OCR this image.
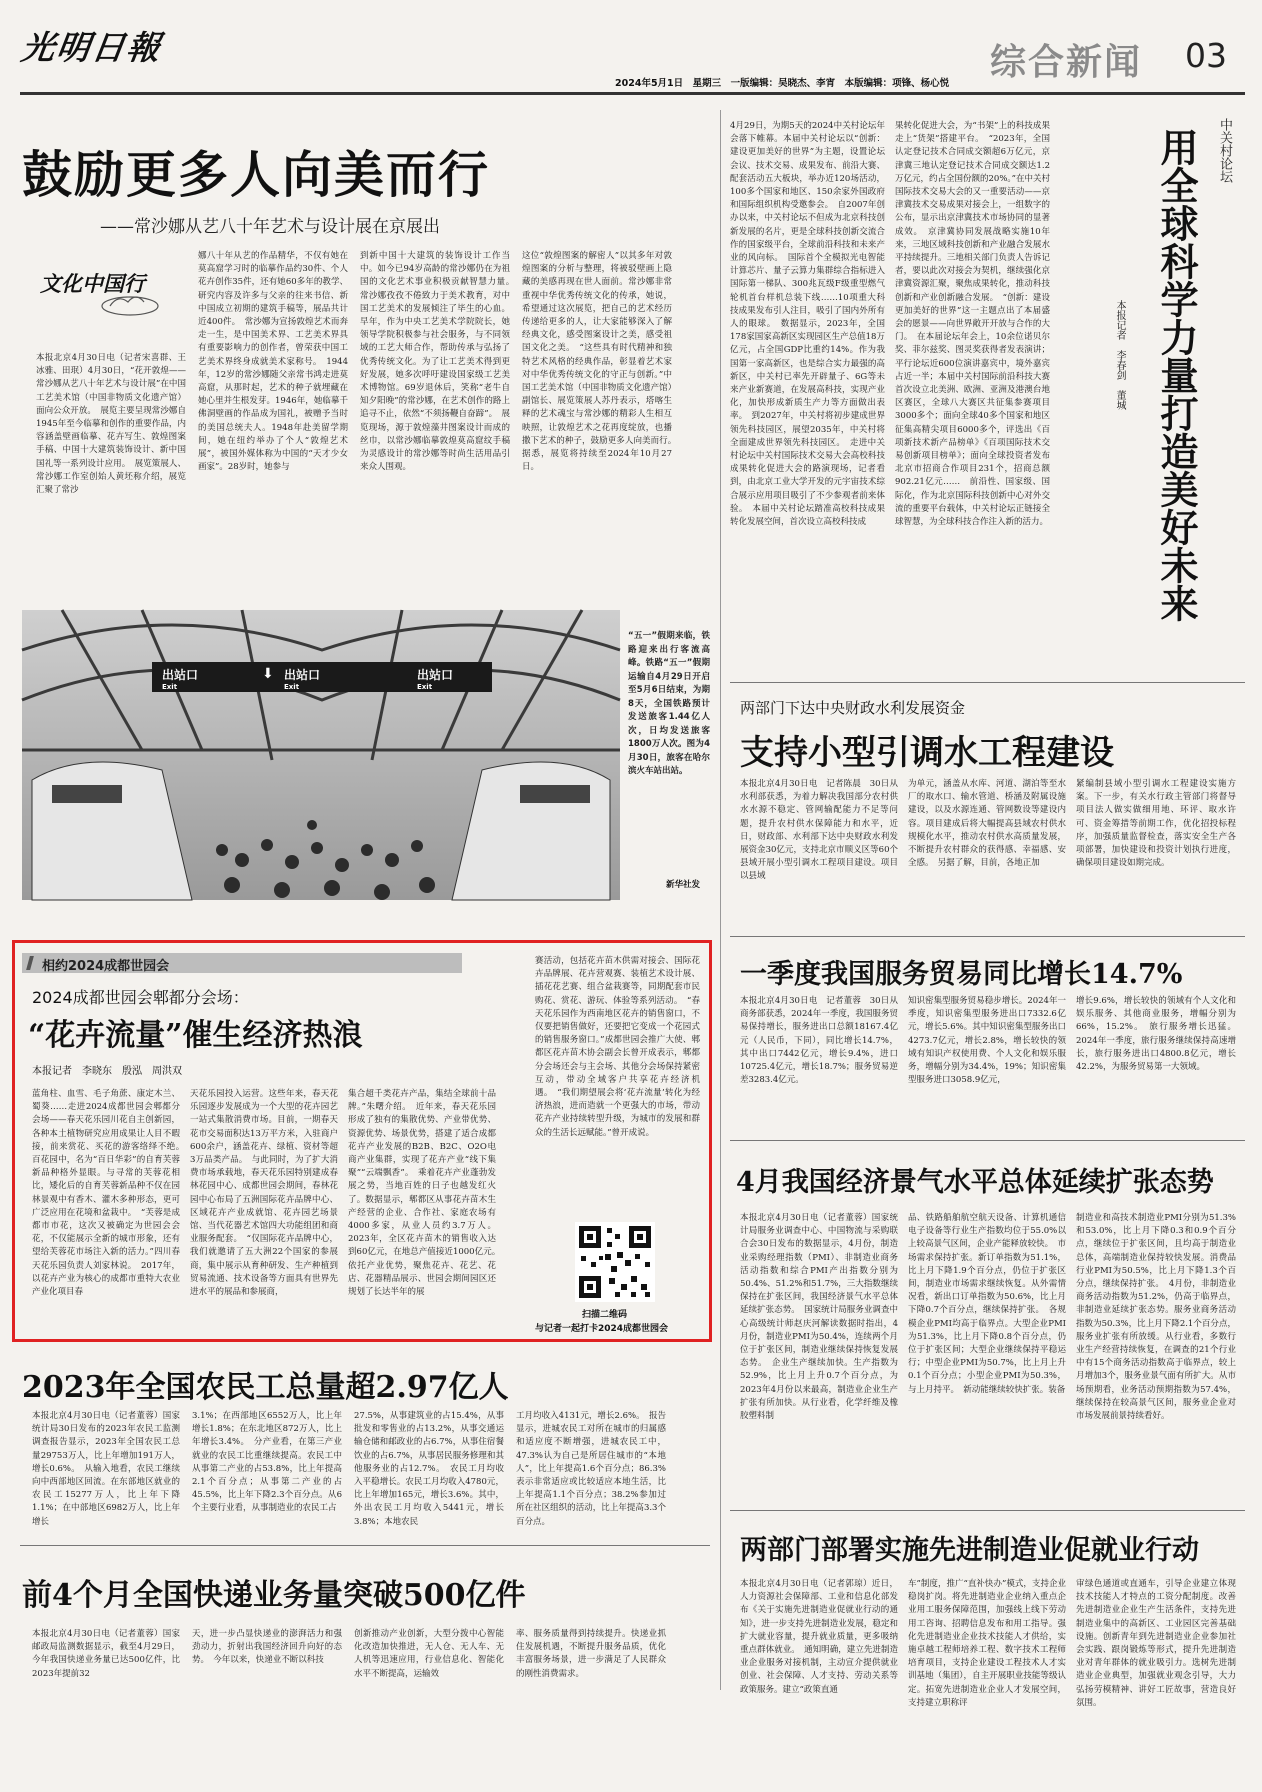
光明日報
2024年5月1日　星期三　一版编辑：吴晓杰、李宵　本版编辑：项锋、杨心悦
综合新闻 03
鼓励更多人向美而行
——常沙娜从艺八十年艺术与设计展在京展出
文化中国行
本报北京4月30日电（记者宋喜群、王冰雅、田珉）4月30日，“花开敦煌——常沙娜从艺八十年艺术与设计展”在中国工艺美术馆（中国非物质文化遗产馆）面向公众开放。　展览主要呈现常沙娜自1945年至今临摹和创作的重要作品，内容涵盖壁画临摹、花卉写生、敦煌图案手稿、中国十大建筑装饰设计、新中国国礼等一系列设计应用。　展览策展人、常沙娜工作室创始人黄坯称介绍，展览汇聚了常沙
娜八十年从艺的作品精华，不仅有她在莫高窟学习时的临摹作品约30件、个人花卉创作35件，还有她60多年的教学、研究内容及许多与父亲的往来书信、新中国成立初期的建筑手稿等，展品共计近400件。　常沙娜为宣扬敦煌艺术而奔走一生，是中国美术界、工艺美术界具有重要影响力的创作者，曾荣获中国工艺美术界终身成就美术家称号。　1944年，12岁的常沙娜随父亲常书鸿走进莫高窟，从那时起，艺术的种子就埋藏在她心里并生根发芽。1946年，她临摹千佛洞壁画的作品成为国礼，被赠予当时的美国总统夫人。1948年赴美留学期间，她在纽约举办了个人“敦煌艺术展”，被国外媒体称为中国的“天才少女画家”。28岁时，她参与
到新中国十大建筑的装饰设计工作当中。如今已94岁高龄的常沙娜仍在为祖国的文化艺术事业积极贡献智慧力量。　常沙娜孜孜不倦致力于美术教育，对中国工艺美术的发展倾注了毕生的心血。早年，作为中央工艺美术学院院长，她领导学院积极参与社会服务，与不同领域的工艺大师合作，帮助传承与弘扬了优秀传统文化。为了让工艺美术得到更好发展，她多次呼吁建设国家级工艺美术博物馆。69岁退休后，笑称“老牛自知夕阳晚”的常沙娜，在艺术创作的路上追寻不止，依然“不须扬鞭自奋蹄”。　展览现场，源于敦煌藻井图案设计而成的丝巾，以常沙娜临摹敦煌莫高窟纹手稿为灵感设计的常沙娜等时尚生活用品引来众人围观。
这位“敦煌图案的解密人”以其多年对敦煌图案的分析与整理，将被驳壁画上隐藏的美感再现在世人面前。常沙娜非常重视中华优秀传统文化的传承，她说，希望通过这次展览，把自己的艺术经历传递给更多的人，让大家能够深入了解经典文化，感受图案设计之美，感受祖国文化之美。　“这些具有时代精神和独特艺术风格的经典作品，彰显着艺术家对中华优秀传统文化的守正与创新。”中国工艺美术馆（中国非物质文化遗产馆）副馆长、展览策展人苏丹表示，塔喀生释的艺术魂宝与常沙娜的精彩人生相互映照，让敦煌艺术之花再度绽放，也播撒下艺术的种子，鼓励更多人向美而行。　据悉，展览将持续至2024年10月27日。
出站口
Exit
⬇ 出站口
Exit
出站口
Exit
“五一”假期来临，铁路迎来出行客流高峰。铁路“五一”假期运输自4月29日开启至5月6日结束，为期8天，全国铁路预计发送旅客1.44亿人次，日均发送旅客1800万人次。图为4月30日，旅客在哈尔滨火车站出站。
新华社发
4月29日，为期5天的2024中关村论坛年会落下帷幕。本届中关村论坛以“创新：建设更加美好的世界”为主题，设置论坛会议、技术交易、成果发布、前沿大赛、配套活动五大板块，举办近120场活动，100多个国家和地区、150余家外国政府和国际组织机构受邀参会。　自2007年创办以来，中关村论坛不但成为北京科技创新发展的名片，更是全球科技创新交流合作的国家级平台，全球前沿科技和未来产业的风向标。　国际首个全模拟光电智能计算芯片、量子云算力集群综合指标进入国际第一梯队、300兆瓦级F级重型燃气轮机首台样机总装下线……10项重大科技成果发布引人注目，吸引了国内外所有人的眼球。　数据显示，2023年，全国178家国家高新区实现园区生产总值18万亿元，占全国GDP比重约14%。作为我国第一家高新区，也是综合实力最强的高新区，中关村已率先开辟量子、6G等未来产业新赛道，在发展高科技，实现产业化，加快形成新质生产力等方面做出表率。　到2027年，中关村将初步建成世界领先科技园区，展望2035年，中关村将全面建成世界领先科技园区。　走进中关村论坛中关村国际技术交易大会高校科技成果转化促进大会的路演现场，记者看到，由北京工业大学开发的元宇宙技术综合展示应用项目吸引了不少参观者前来体验。　本届中关村论坛踏准高校科技成果转化发展空间，首次设立高校科技成
果转化促进大会，为“书架”上的科技成果走上“货架”搭建平台。　“2023年，全国认定登记技术合同成交额超6万亿元，京津冀三地认定登记技术合同成交额达1.2万亿元，约占全国份额的20%。”在中关村国际技术交易大会的又一重要活动——京津冀技术交易成果对接会上，一组数字的公布，显示出京津冀技术市场协同的显著成效。　京津冀协同发展战略实施10年来，三地区域科技创新和产业融合发展水平持续提升。三地相关部门负责人告诉记者，要以此次对接会为契机，继续强化京津冀资源汇聚，聚焦成果转化，推动科技创新和产业创新融合发展。　“创新：建设更加美好的世界”这一主题点出了本届盛会的愿景——向世界敞开开放与合作的大门。　在本届论坛年会上，10余位诺贝尔奖、菲尔兹奖、图灵奖获得者发表演讲；平行论坛近600位演讲嘉宾中，境外嘉宾占近一半；本届中关村国际前沿科技大赛首次设立北美洲、欧洲、亚洲及港澳台地区赛区，全球八大赛区共征集参赛项目3000多个；面向全球40多个国家和地区征集高精尖项目6000多个，评选出《百项新技术新产品榜单》《百项国际技术交易创新项目榜单》；面向全球投资者发布北京市招商合作项目231个，招商总额902.21亿元……　前沿性、国家级、国际化，作为北京国际科技创新中心对外交流的重要平台载体，中关村论坛正链接全球智慧，为全球科技合作注入新的活力。
中关村论坛
用全球科学力量打造美好未来
本报记者　李春剑　董城
两部门下达中央财政水利发展资金
支持小型引调水工程建设
本报北京4月30日电　记者陈晨　30日从水利部获悉，为着力解决我国部分农村供水水源不稳定、管网输配能力不足等问题，提升农村供水保障能力和水平，近日，财政部、水利部下达中央财政水利发展资金30亿元，支持北京市顺义区等60个县域开展小型引调水工程项目建设。项目以县域
为单元，涵盖从水库、河道、湖泊等至水厂的取水口、输水管道、桥涵及附属设施建设，以及水源连通、管网数设等建设内容。项目建成后将大幅提高县域农村供水规模化水平，推动农村供水高质量发展，不断提升农村群众的获得感、幸福感、安全感。　另据了解，目前，各地正加
紧编制县域小型引调水工程建设实施方案。下一步，有关水行政主管部门将督导项目法人做实做细用地、环评、取水许可、资金筹措等前期工作，优化招投标程序，加强质量监督检查，落实安全生产各项部署，加快建设和投资计划执行进度，确保项目建设如期完成。
相约2024成都世园会
2024成都世园会郫都分会场：
“花卉流量”催生经济热浪
本报记者　李晓东　殷泓　周洪双
蓝角柱、血雪、毛子角蔗、康定木兰、蜀葵……走进2024成都世园会郫都分会场——春天花乐园川花自主创新园，各种本土植物研究应用成果让人目不暇接，前来赏花、买花的游客络绎不绝。　百花园中，名为“百日华彩”的自育芙蓉新品种格外显眼。与寻常的芙蓉花相比，矮化后的自育芙蓉新品种不仅在园林景观中有香木、灌木多种形态，更可广泛应用在花境和盆栽中。　“芙蓉是成都市市花，这次又被确定为世园会会花，不仅能展示全新的城市形象，还有望给芙蓉花市场注入新的活力。”四川春天花乐园负责人刘家林说。　2017年，以花卉产业为核心的成都市重特大农业产业化项目春
天花乐园投入运营。这些年来，春天花乐园逐步发展成为一个大型的花卉园艺一站式集散消费市场。目前，一期春天花市交易面积达13万平方米，入驻商户600余户，涵盖花卉、绿植、资材等超3万品类产品。　与此同时，为了扩大消费市场承载地，春天花乐园特别建成春林花园中心、成都世园会期间，春林花园中心布局了五洲国际花卉品牌中心、区域花卉产业成就馆、花卉园艺场景馆、当代花器艺术馆四大功能组团和商业服务配套。　“仅国际花卉品牌中心，我们就邀请了五大洲22个国家的参展商，集中展示从育种研发、生产种植到贸易流通、技术设备等方面具有世界先进水平的展品和参展商，
集合超千类花卉产品，集结全球前十品牌。”朱曙介绍。　近年来，春天花乐园形成了独有的集散优势、产业带优势、资源优势、场景优势，搭建了适合成都花卉产业发展的B2B、B2C、O2O电商产业集群，实现了花卉产业“线下集聚”“云端飘香”。　乘着花卉产业蓬勃发展之势，当地百姓的日子也越发红火了。数据显示，郫都区从事花卉苗木生产经营的企业、合作社、家庭农场有4000多家，从业人员约3.7万人。2023年，全区花卉苗木的销售收入达到60亿元，在地总产值接近1000亿元。　依托产业优势，聚焦花卉、花艺、花店、花器精品展示、世园会期间园区还规划了长达半年的展
赛活动，包括花卉苗木供需对接会、国际花卉品牌展、花卉营观赛、装植艺术设计展、插花花艺赛、组合盆栽赛等，同期配套市民购花、赏花、游玩、体验等系列活动。　“春天花乐园作为西南地区花卉的销售窗口，不仅要把销售做好，还要把它变成一个花园式的销售服务窗口。”成都世园会推广大使、郫都区花卉苗木协会副会长曾开成表示，郫都分会场还会与主会场、其他分会场保持紧密互动，带动全域客户共享花卉经济机遇。　“我们期望展会将‘花卉流量’转化为经济热浪，进而造就一个更强大的市场，带动花卉产业持续转型升级，为城市的发展和群众的生活长远赋能。”曾开成说。
扫描二维码
与记者一起打卡2024成都世园会
一季度我国服务贸易同比增长14.7%
本报北京4月30日电　记者董蓉　30日从商务部获悉，2024年一季度，我国服务贸易保持增长，服务进出口总额18167.4亿元（人民币，下同），同比增长14.7%，其中出口7442亿元，增长9.4%，进口10725.4亿元，增长18.7%；服务贸易逆差3283.4亿元。
知识密集型服务贸易稳步增长。2024年一季度，知识密集型服务进出口7332.6亿元，增长5.6%。其中知识密集型服务出口4273.7亿元，增长2.8%，增长较快的领域有知识产权使用费、个人文化和娱乐服务，增幅分别为34.4%，19%；知识密集型服务进口3058.9亿元，
增长9.6%，增长较快的领域有个人文化和娱乐服务、其他商业服务，增幅分别为66%，15.2%。　旅行服务增长迅猛。2024年一季度，旅行服务继续保持高速增长，旅行服务进出口4800.8亿元，增长42.2%，为服务贸易第一大领域。
4月我国经济景气水平总体延续扩张态势
本报北京4月30日电（记者董蓉）国家统计局服务业调查中心、中国物流与采购联合会30日发布的数据显示，4月份，制造业采购经理指数（PMI）、非制造业商务活动指数和综合PMI产出指数分别为50.4%、51.2%和51.7%，三大指数继续保持在扩张区间，我国经济景气水平总体延续扩张态势。　国家统计局服务业调查中心高级统计师赵庆河解读数据时指出，4月份，制造业PMI为50.4%，连续两个月位于扩张区间，制造业继续保持恢复发展态势。　企业生产继续加快。生产指数为52.9%，比上月上升0.7个百分点，为2023年4月份以来最高，制造业企业生产扩张有所加快。从行业看，化学纤维及橡胶塑料制
品、铁路船舶航空航天设备、计算机通信电子设备等行业生产指数均位于55.0%以上较高景气区间，企业产能释放较快。　市场需求保持扩张。新订单指数为51.1%，比上月下降1.9个百分点，仍位于扩张区间，制造业市场需求继续恢复。从外需情况看，新出口订单指数为50.6%，比上月下降0.7个百分点，继续保持扩张。　各规模企业PMI均高于临界点。大型企业PMI为51.3%，比上月下降0.8个百分点，仍位于扩张区间；大型企业继续保持平稳运行；中型企业PMI为50.7%，比上月上升0.1个百分点；小型企业PMI为50.3%，与上月持平。　新动能继续较快扩张。装备
制造业和高技术制造业PMI分别为51.3%和53.0%，比上月下降0.3和0.9个百分点，继续位于扩张区间，且均高于制造业总体，高端制造业保持较快发展。消费品行业PMI为50.5%，比上月下降1.3个百分点，继续保持扩张。　4月份，非制造业商务活动指数为51.2%，仍高于临界点，非制造业延续扩张态势。服务业商务活动指数为50.3%，比上月下降2.1个百分点，服务业扩张有所放缓。从行业看，多数行业生产经营持续恢复，在调查的21个行业中有15个商务活动指数高于临界点，较上月增加3个，服务业景气面有所扩大。从市场预期看，业务活动预期指数为57.4%，继续保持在较高景气区间，服务业企业对市场发展前景持续看好。
2023年全国农民工总量超2.97亿人
本报北京4月30日电（记者董蓉）国家统计局30日发布的2023年农民工监测调查报告显示，2023年全国农民工总量29753万人，比上年增加191万人，增长0.6%。　从输入地看，农民工继续向中西部地区回流。在东部地区就业的农民工15277万人，比上年下降1.1%；在中部地区6982万人，比上年增长
3.1%；在西部地区6552万人，比上年增长1.8%；在东北地区872万人，比上年增长3.4%。　分产业看，在第三产业就业的农民工比重继续提高。农民工中从事第二产业的占53.8%，比上年提高2.1个百分点；从事第二产业的占45.5%，比上年下降2.3个百分点。从6个主要行业看，从事制造业的农民工占
27.5%，从事建筑业的占15.4%，从事批发和零售业的占13.2%，从事交通运输仓储和邮政业的占6.7%，从事住宿餐饮业的占6.7%，从事居民服务修理和其他服务业的占12.7%。　农民工月均收入平稳增长。农民工月均收入4780元，比上年增加165元，增长3.6%。其中，外出农民工月均收入5441元，增长3.8%；本地农民
工月均收入4131元，增长2.6%。　报告显示，进城农民工对所在城市的归属感和适应度不断增强，进城农民工中，47.3%认为自己是所居住城市的“本地人”，比上年提高1.6个百分点；86.3%表示非常适应或比较适应本地生活，比上年提高1.1个百分点；38.2%参加过所在社区组织的活动，比上年提高3.3个百分点。
两部门部署实施先进制造业促就业行动
本报北京4月30日电（记者郭琼）近日，人力资源社会保障部、工业和信息化部发布《关于实施先进制造业促就业行动的通知》，进一步支持先进制造业发展，稳定和扩大就业容量，提升就业质量，更多吸纳重点群体就业。　通知明确，建立先进制造业企业服务对接机制，主动宣介提供就业创业、社会保障、人才支持、劳动关系等政策服务。建立“政策直通
车”制度，推广“直补快办”模式，支持企业稳岗扩岗。将先进制造业企业纳入重点企业用工服务保障范围，加强线上线下劳动用工咨询、招聘信息发布和用工指导。强化先进制造业企业技术技能人才供给，实施卓越工程师培养工程、数字技术工程师培育项目，支持企业建设工程技术人才实训基地（集团），自主开展职业技能等级认定。拓宽先进制造业企业人才发展空间，支持建立职称评
审绿色通道或直通车，引导企业建立体现技术技能人才特点的工资分配制度。改善先进制造业企业生产生活条件，支持先进制造业集中的高新区、工业园区完善基础设施。创新青年到先进制造业企业参加社会实践、跟岗锻炼等形式，提升先进制造业对青年群体的就业吸引力。选树先进制造业企业典型，加强就业观念引导，大力弘扬劳模精神、讲好工匠故事，营造良好氛围。
前4个月全国快递业务量突破500亿件
本报北京4月30日电（记者董蓉）国家邮政局监测数据显示，截至4月29日，今年我国快递业务量已达500亿件，比2023年提前32
天，进一步凸显快递业的澎湃活力和强劲动力，折射出我国经济回升向好的态势。　今年以来，快递业不断以科技
创新推动产业创新，大型分拨中心智能化改造加快推进，无人仓、无人车、无人机等迅速应用，行业信息化、智能化水平不断提高，运输效
率、服务质量得到持续提升。快递业抓住发展机遇，不断提升服务品质，优化丰富服务场景，进一步满足了人民群众的刚性消费需求。
